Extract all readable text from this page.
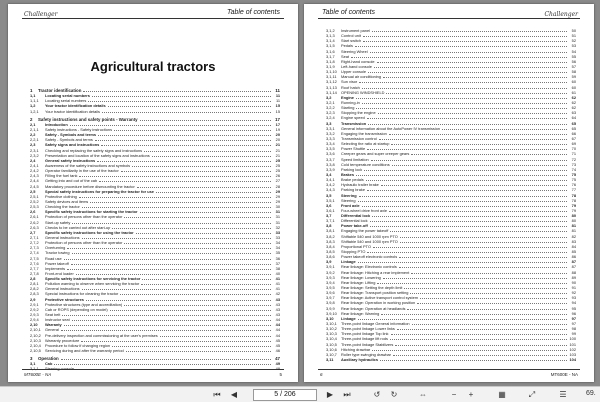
Challenger	Table of contents
Agricultural tractors
1	Tractor identification	11
1,1	Locating serial numbers	11
1,1,1	Locating serial numbers	11
1,2	Your tractor identification details	15
1,2,1	Your tractor identification details	15
2	Safety instructions and safety points - Warranty	17
2,1	Introduction	17
2,1,1	Safety instructions - Safety instructions	19
2,2	Safety - Symbols and terms	20
2,2,1	Safety - Symbols and terms	20
2,3	Safety signs and instructions	21
2,3,1	Checking and replacing the safety signs and instructions	21
2,3,2	Presentation and location of the safety signs and instructions	21
2,4	General safety instructions	25
2,4,1	Awareness of the safety instructions and symbols	25
2,4,2	Operator familiarity in the use of the tractor	25
2,4,3	Filling the fuel tank	26
2,4,4	Getting into and out of the cab	27
2,4,5	Mandatory procedure before dismounting the tractor	28
2,5	Special safety instructions for preparing the tractor for use	29
2,5,1	Protective clothing	29
2,5,2	Safety devices and items	29
2,5,3	Checking the tractor	30
2,6	Specific safety instructions for starting the tractor	31
2,6,1	Protection of persons other than the operator	31
2,6,2	Start-up safety	31
2,6,3	Checks to be carried out after start-up	32
2,7	Specific safety instructions for using the tractor	33
2,7,1	General instructions	33
2,7,2	Protection of persons other than the operator	34
2,7,3	Overturning	34
2,7,4	Tractor towing	35
2,7,5	Road use	36
2,7,6	Power takeoff	37
2,7,7	Implements	38
2,7,8	Front-end loader	40
2,8	Specific safety instructions for servicing the tractor	41
2,8,1	Pollution warning to observe when servicing the tractor	41
2,8,2	General instructions	41
2,8,3	Special instructions for cleaning the tractor	42
2,9	Protective structures	43
2,9,1	Protective structures (type and accreditation)	43
2,9,2	Cab or ROPS (depending on model)	43
2,9,3	Seat belt	43
2,9,4	Instructor seat	44
2,10	Warranty	44
2,10,1	General	44
2,10,2	Pre-delivery inspection and commissioning at the user's premises	44
2,10,3	Warranty procedure	45
2,10,4	Procedure to follow if changing region	45
2,10,5	Servicing during and after the warranty period	46
3	Operation	47
3,1	Cab	49
3,1,1	Steering console	49
MT600E - NA	5
Table of contents	Challenger
3,1,2	Instrument panel	50
3,1,3	Control unit	51
3,1,4	Start switch	52
3,1,5	Pedals	53
3,1,6	Steering Wheel	54
3,1,7	Seat	55
3,1,8	Right-hand console	56
3,1,9	Left-hand console	57
3,1,10	Upper console	58
3,1,11	Manual air conditioning	59
3,1,12	Sun visor	60
3,1,13	Roof hatch	60
3,1,14	OPENING WINDSHIELD	61
3,2	Engine	62
3,2,1	Running-in	62
3,2,2	Starting	62
3,2,3	Stopping the engine	63
3,2,4	Engine speed	64
3,3	Transmission	65
3,3,1	General information about the AutoPower IV transmission	65
3,3,2	Engaging the transmission	66
3,3,3	Transmission control	67
3,3,4	Selecting the ratio at startup	69
3,3,5	Power Shuttle	70
3,3,6	Creeper gears and super creeper gears	71
3,3,7	Speed limitation	72
3,3,8	Cold temperature conditions	73
3,3,9	Parking lock	74
3,4	Brakes	75
3,4,1	Brake pedals	75
3,4,2	Hydraulic trailer brake	76
3,4,3	Parking brake	77
3,5	Steering	78
3,5,1	Steering	78
3,6	Front axle	79
3,6,1	Four-wheel drive front axle	79
3,7	Differential lock	80
3,7,1	Differential lock	80
3,8	Power take-off	81
3,8,1	Engaging the power takeoff	81
3,8,2	Shiftable 540 and 1000 rpm PTO	82
3,8,3	Shiftable 540 and 1000 rpm PTO	83
3,8,4	Proportional PTO	84
3,8,5	Stopping PTO	85
3,8,6	Power takeoff electronic controls	86
3,9	Linkage	87
3,9,1	Rear linkage: Electronic controls	87
3,9,2	Rear linkage: Hitching a rear implement	88
3,9,3	Rear linkage: Lowering	89
3,9,4	Rear linkage: Lifting	90
3,9,5	Rear linkage: Setting the depth limit	91
3,9,6	Rear linkage: Transport position setting	92
3,9,7	Rear linkage: Active transport control system	93
3,9,8	Rear linkage: Operation in working position	94
3,9,9	Rear linkage: Operation at headlands	95
3,9,10	Rear linkage: Warning	96
3,10	Linkage	97
3,10,1	Three-point linkage General information	97
3,10,2	Three-point linkage Lower links	98
3,10,3	Three-point linkage Top link	99
3,10,4	Three-point linkage lift rods	100
3,10,5	Three-point linkage Stabilizers	101
3,10,6	Hitching drawbar	102
3,10,7	Roller type swinging drawbar	103
3,11	Auxiliary hydraulics	104
6	MT600E - NA
⏮ ◀	5 / 206	▶ ⏭	↺ ↻	⇔	−	+	▦	⤢	☰	69.
